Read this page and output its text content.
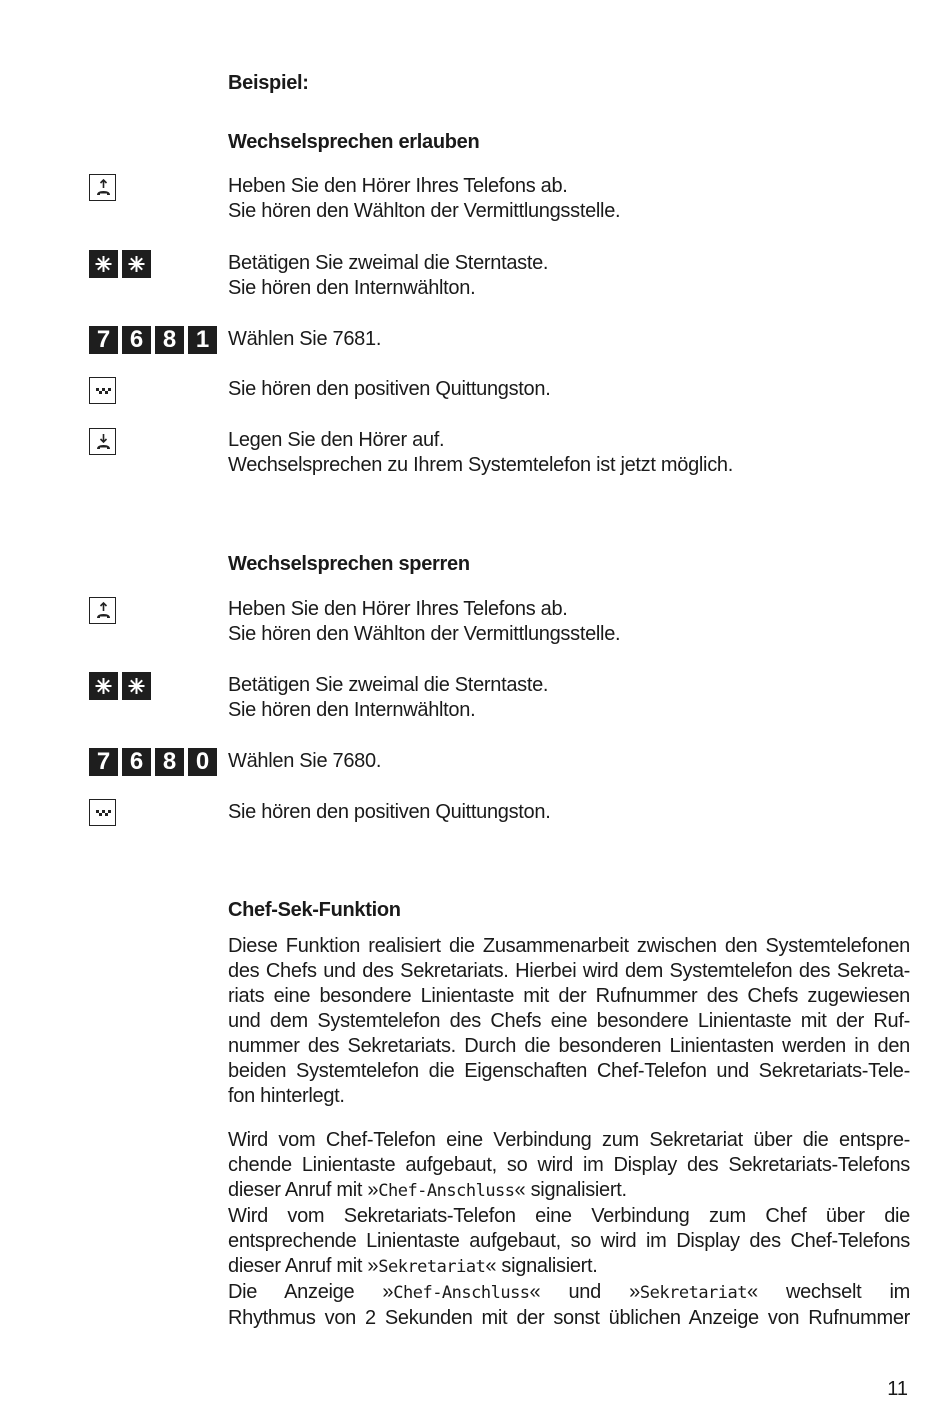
Beispiel:
Wechselsprechen erlauben
Heben Sie den Hörer Ihres Telefons ab.
Sie hören den Wählton der Vermittlungsstelle.
Betätigen Sie zweimal die Sterntaste.
Sie hören den Internwählton.
7 6 8 1 Wählen Sie 7681.
Sie hören den positiven Quittungston.
Legen Sie den Hörer auf.
Wechselsprechen zu Ihrem Systemtelefon ist jetzt möglich.
Wechselsprechen sperren
Heben Sie den Hörer Ihres Telefons ab.
Sie hören den Wählton der Vermittlungsstelle.
Betätigen Sie zweimal die Sterntaste.
Sie hören den Internwählton.
7 6 8 0 Wählen Sie 7680.
Sie hören den positiven Quittungston.
Chef-Sek-Funktion
Diese Funktion realisiert die Zusammenarbeit zwischen den Systemtelefonen
des Chefs und des Sekretariats. Hierbei wird dem Systemtelefon des Sekreta-
riats eine besondere Linientaste mit der Rufnummer des Chefs zugewiesen
und dem Systemtelefon des Chefs eine besondere Linientaste mit der Ruf-
nummer des Sekretariats. Durch die besonderen Linientasten werden in den
beiden Systemtelefon die Eigenschaften Chef-Telefon und Sekretariats-Tele-
fon hinterlegt.
Wird vom Chef-Telefon eine Verbindung zum Sekretariat über die entspre-
chende Linientaste aufgebaut, so wird im Display des Sekretariats-Telefons
dieser Anruf mit »Chef-Anschluss« signalisiert.
Wird vom Sekretariats-Telefon eine Verbindung zum Chef über die
entsprechende Linientaste aufgebaut, so wird im Display des Chef-Telefons
dieser Anruf mit »Sekretariat« signalisiert.
Die Anzeige »Chef-Anschluss« und »Sekretariat« wechselt im
Rhythmus von 2 Sekunden mit der sonst üblichen Anzeige von Rufnummer
11
